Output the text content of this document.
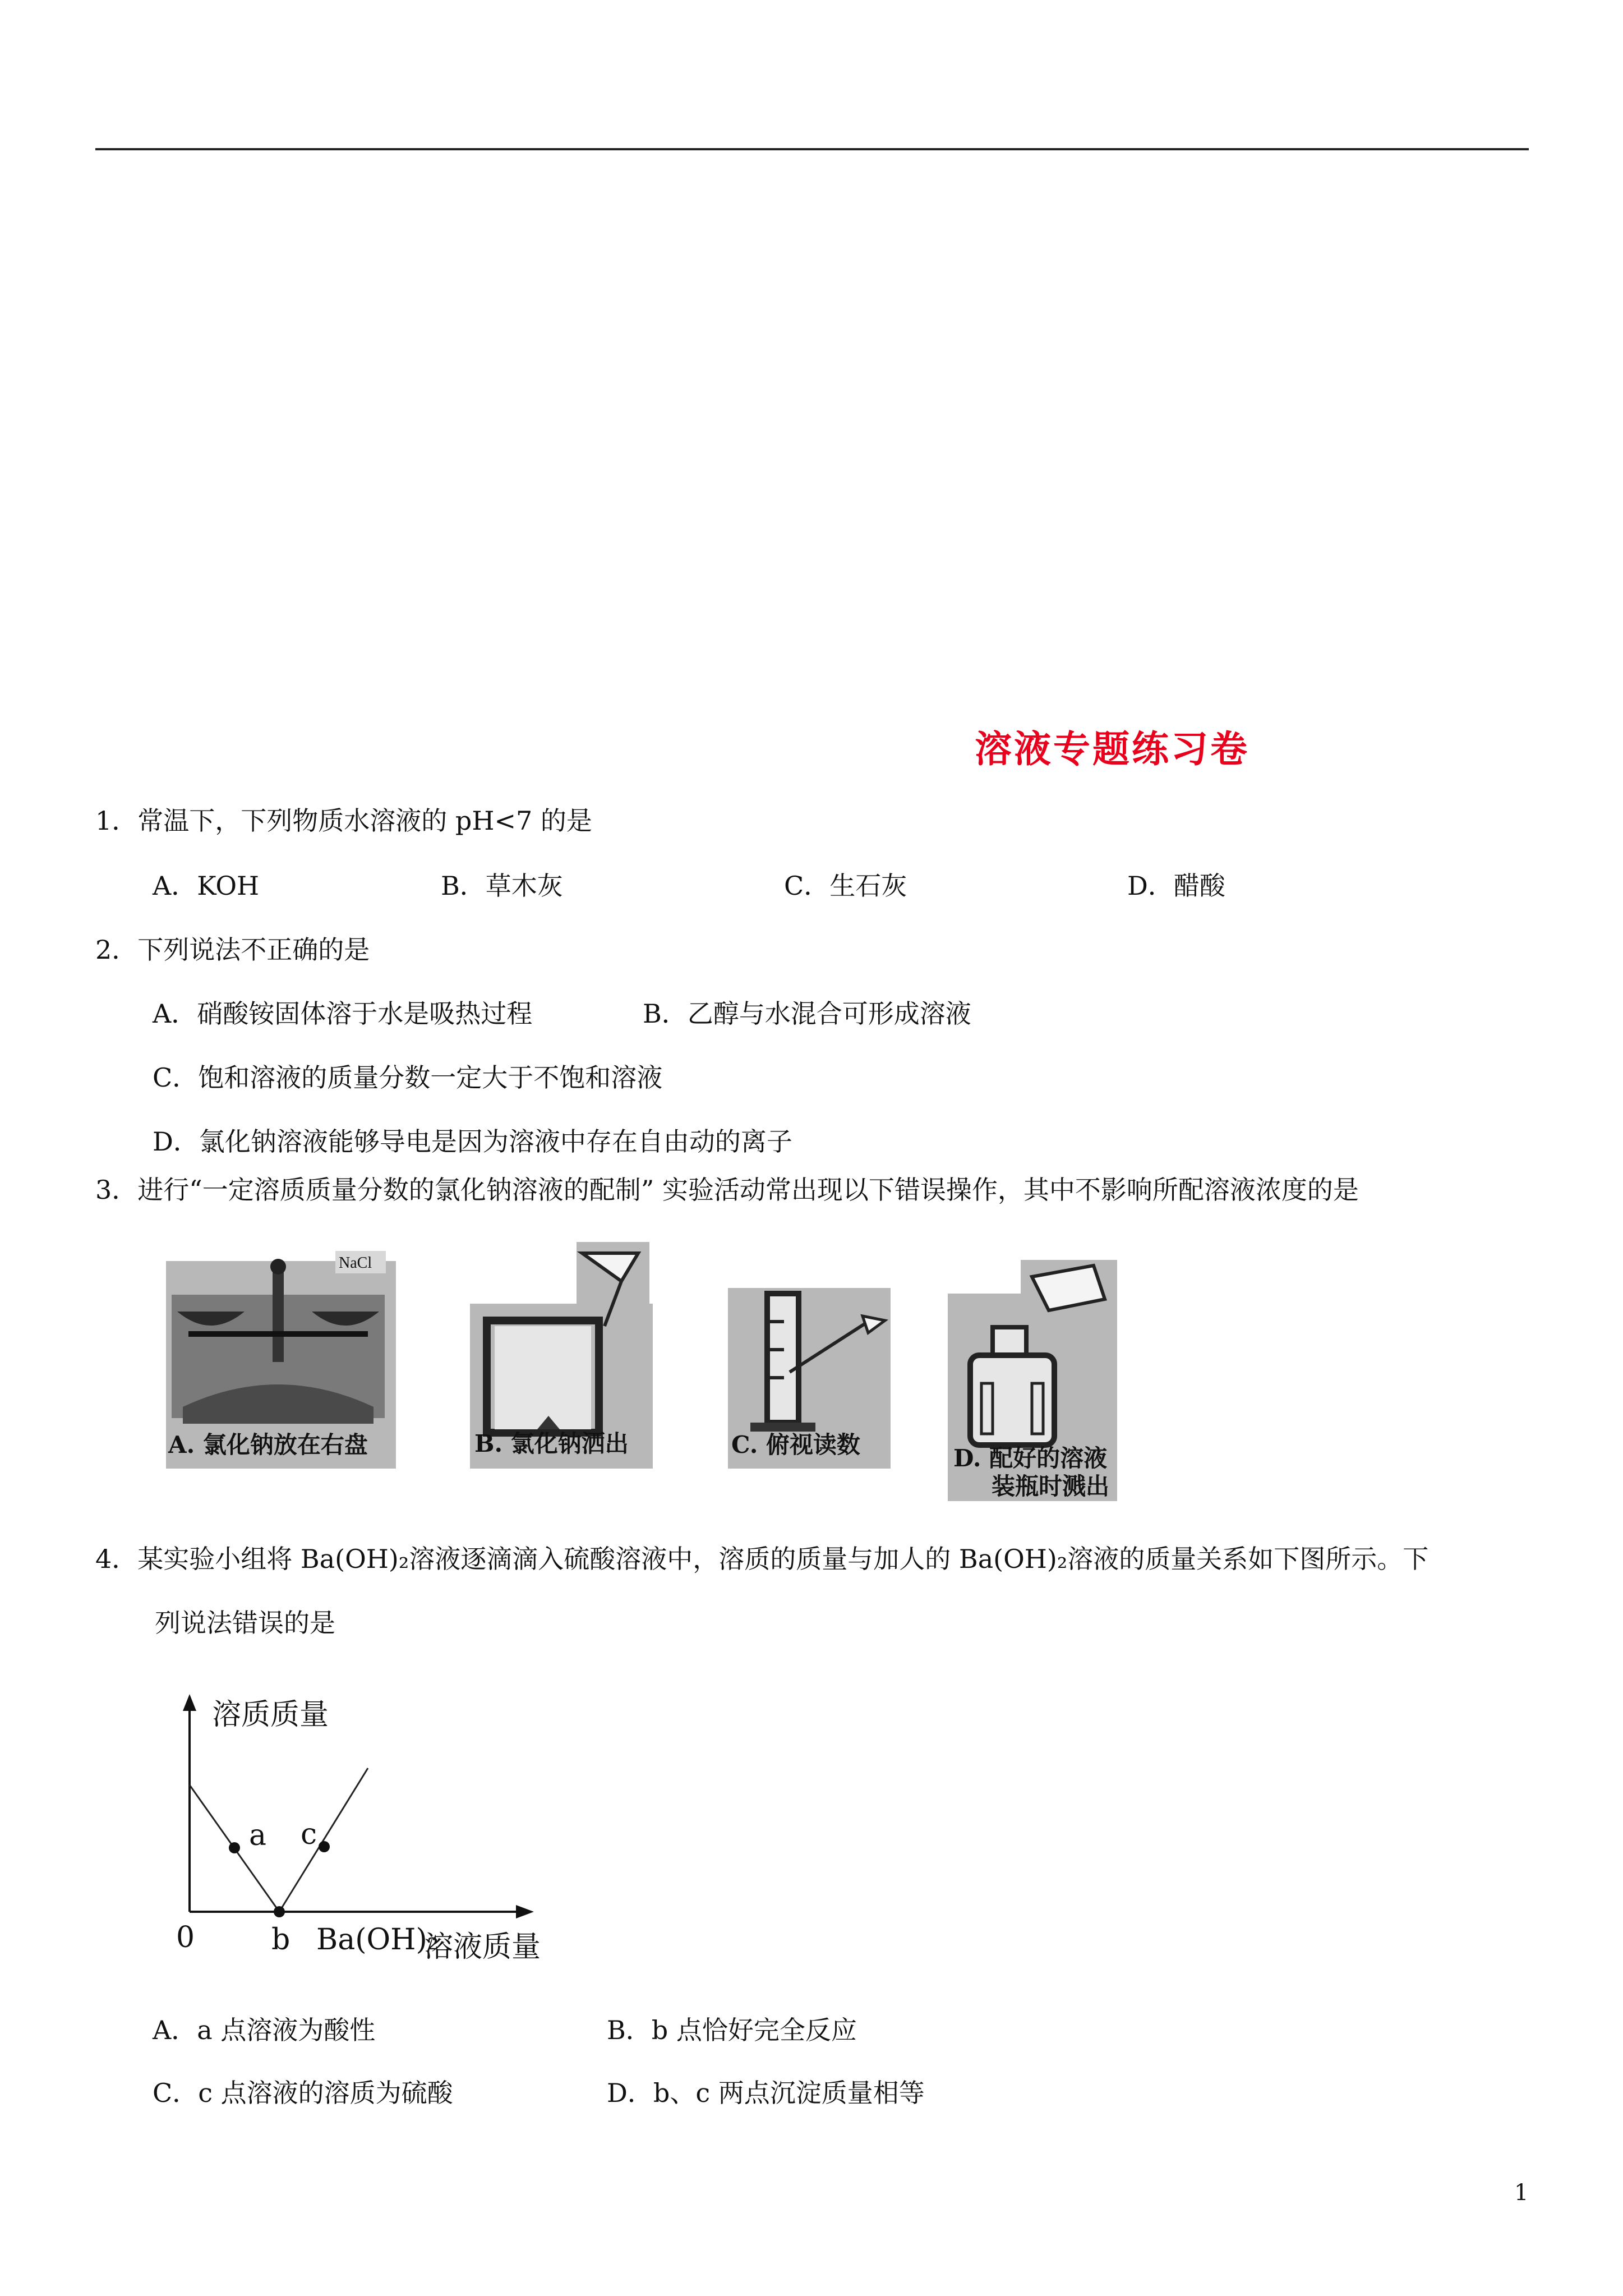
溶液专题练习卷
1．常温下，下列物质水溶液的 pH<7 的是
A．KOH	B．草木灰	C．生石灰	D．醋酸
2．下列说法不正确的是
A．硝酸铵固体溶于水是吸热过程	B．乙醇与水混合可形成溶液
C．饱和溶液的质量分数一定大于不饱和溶液
D．氯化钠溶液能够导电是因为溶液中存在自由动的离子
3．进行“一定溶质质量分数的氯化钠溶液的配制” 实验活动常出现以下错误操作，其中不影响所配溶液浓度的是
NaCl
A. 氯化钠放在右盘	B. 氯化钠洒出	C. 俯视读数	D. 配好的溶液
装瓶时溅出
4．某实验小组将 Ba(OH)₂溶液逐滴滴入硫酸溶液中，溶质的质量与加人的 Ba(OH)₂溶液的质量关系如下图所示。下
列说法错误的是
溶质质量
a c
0	b Ba(OH)₂
溶液质量
A．a 点溶液为酸性	B．b 点恰好完全反应
C．c 点溶液的溶质为硫酸	D．b、c 两点沉淀质量相等
1
